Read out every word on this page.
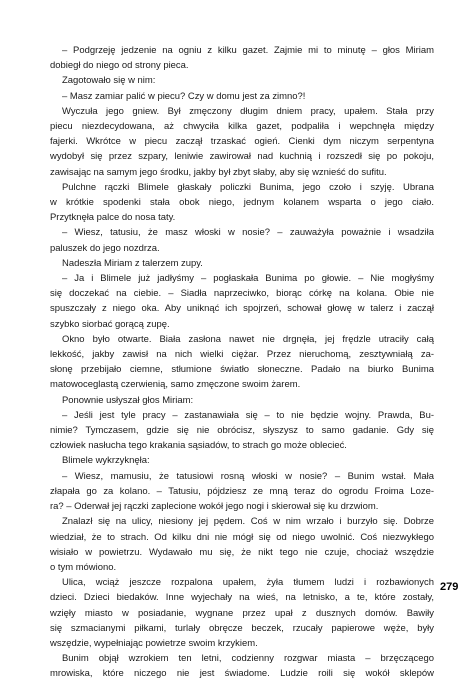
– Podgrzeję jedzenie na ogniu z kilku gazet. Zajmie mi to minutę – głos Miriam

dobiegł do niego od strony pieca.

Zagotowało się w nim:

– Masz zamiar palić w piecu? Czy w domu jest za zimno?!

Wyczuła jego gniew. Był zmęczony długim dniem pracy, upałem. Stała przy

piecu niezdecydowana, aż chwyciła kilka gazet, podpaliła i wepchnęła między

fajerki. Wkrótce w piecu zaczął trzaskać ogień. Cienki dym niczym serpentyna

wydobył się przez szpary, leniwie zawirował nad kuchnią i rozszedł się po pokoju,

zawisając na samym jego środku, jakby był zbyt słaby, aby się wznieść do sufitu.

Pulchne rączki Blimele głaskały policzki Bunima, jego czoło i szyję. Ubrana

w krótkie spodenki stała obok niego, jednym kolanem wsparta o jego ciało.

Przytknęła palce do nosa taty.

– Wiesz, tatusiu, że masz włoski w nosie? – zauważyła poważnie i wsadziła

paluszek do jego nozdrza.

Nadeszła Miriam z talerzem zupy.

– Ja i Blimele już jadłyśmy – pogłaskała Bunima po głowie. – Nie mogłyśmy

się doczekać na ciebie. – Siadła naprzeciwko, biorąc córkę na kolana. Obie nie

spuszczały z niego oka. Aby uniknąć ich spojrzeń, schował głowę w talerz i zaczął

szybko siorbać gorącą zupę.

Okno było otwarte. Biała zasłona nawet nie drgnęła, jej frędzle utraciły całą

lekkość, jakby zawisł na nich wielki ciężar. Przez nieruchomą, zesztywniałą za-

słonę przebijało ciemne, stłumione światło słoneczne. Padało na biurko Bunima

matowoceglastą czerwienią, samo zmęczone swoim żarem.

Ponownie usłyszał głos Miriam:

– Jeśli jest tyle pracy – zastanawiała się – to nie będzie wojny. Prawda, Bu-

nimie? Tymczasem, gdzie się nie obrócisz, słyszysz to samo gadanie. Gdy się

człowiek nasłucha tego krakania sąsiadów, to strach go może obleciеć.

Blimele wykrzyknęła:

– Wiesz, mamusiu, że tatusiowi rosną włoski w nosie? – Bunim wstał. Mała

złapała go za kolano. – Tatusiu, pójdziesz ze mną teraz do ogrodu Froima Loze-

ra? – Oderwał jej rączki zaplecione wokół jego nogi i skierował się ku drzwiom.

Znalazł się na ulicy, niesiony jej pędem. Coś w nim wrzało i burzyło się. Dobrze

wiedział, że to strach. Od kilku dni nie mógł się od niego uwolnić. Coś niezwykłego

wisiało w powietrzu. Wydawało mu się, że nikt tego nie czuje, chociaż wszędzie

o tym mówiono.

Ulica, wciąż jeszcze rozpalona upałem, żyła tłumem ludzi i rozbawionych

dzieci. Dzieci biedaków. Inne wyjechały na wieś, na letnisko, a te, które zostały,

wzięły miasto w posiadanie, wygnane przez upał z dusznych domów. Bawiły

się szmacianymi piłkami, turlały obręcze beczek, rzucały papierowe węże, były

wszędzie, wypełniając powietrze swoim krzykiem.

Bunim objął wzrokiem ten letni, codzienny rozgwar miasta – brzęczącego

mrowiska, które niczego nie jest świadome. Ludzie roili się wokół sklepów

279
